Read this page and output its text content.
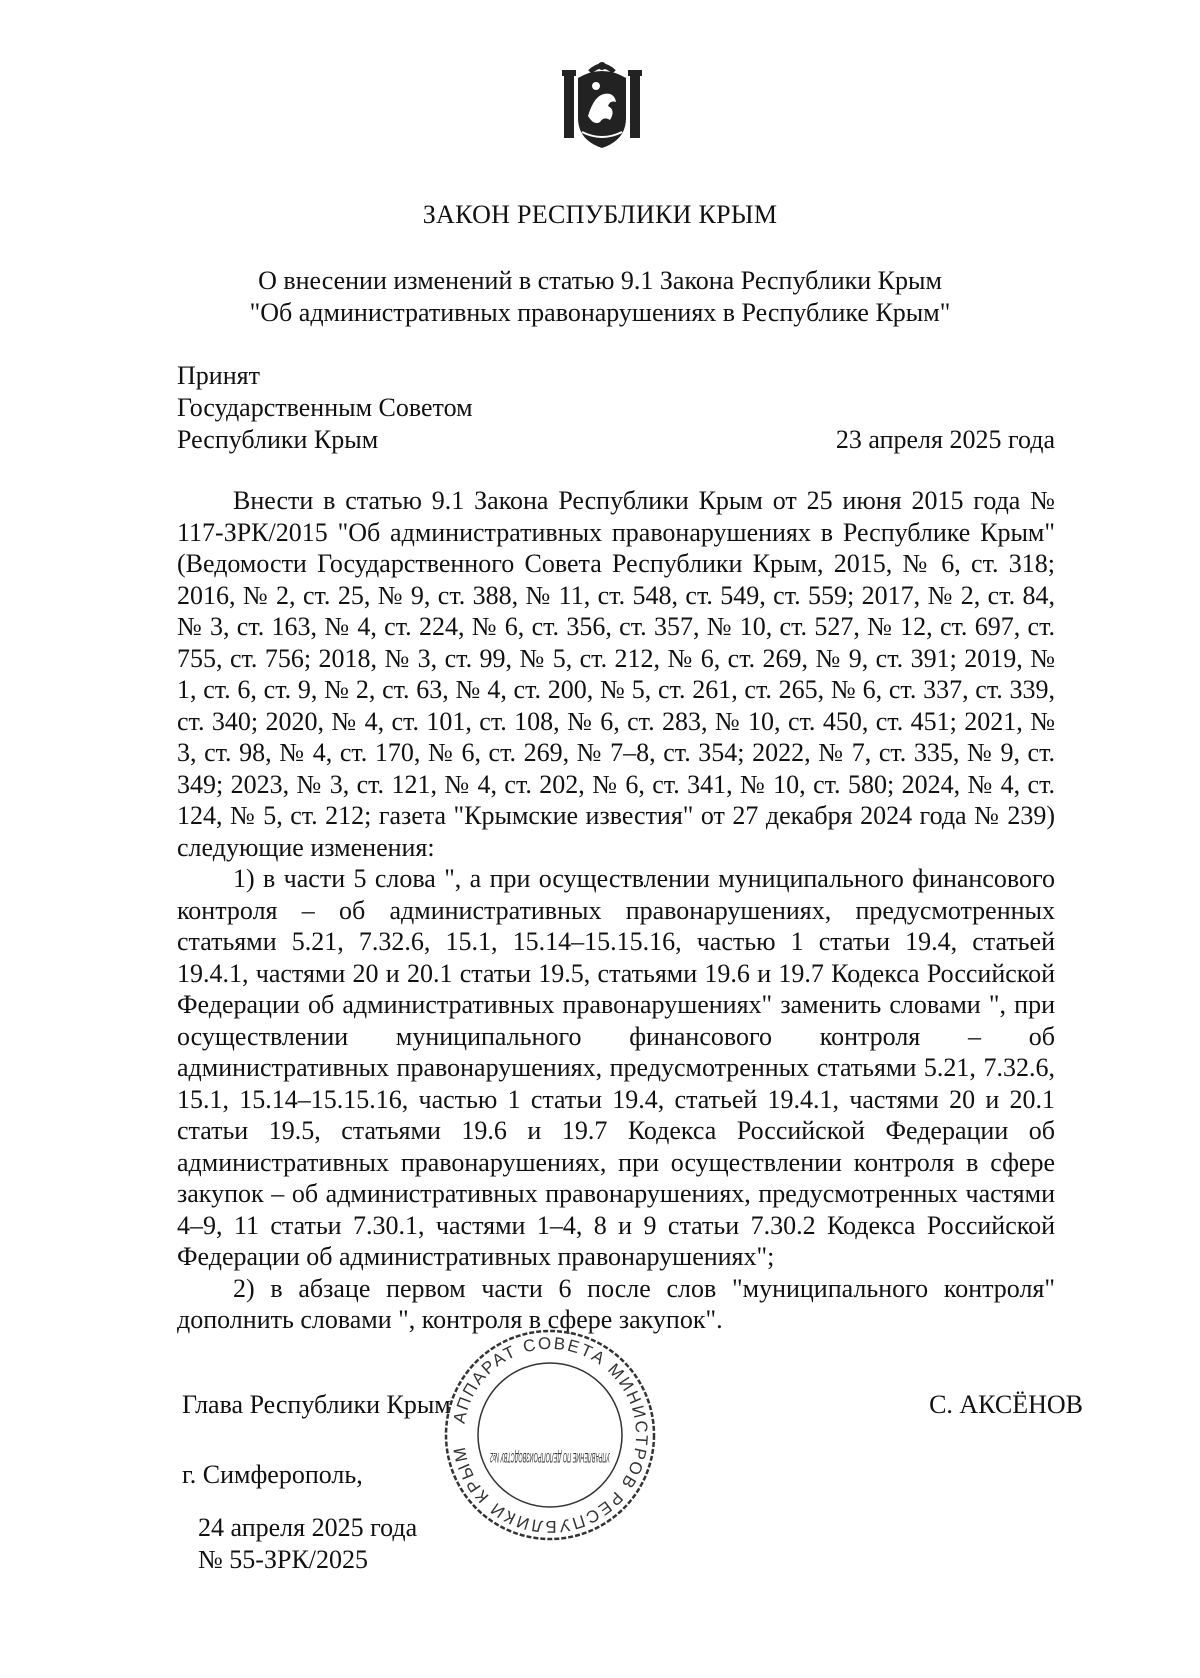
ЗАКОН РЕСПУБЛИКИ КРЫМ
О внесении изменений в статью 9.1 Закона Республики Крым
"Об административных правонарушениях в Республике Крым"
Принят
Государственным Советом
Республики Крым	23 апреля 2025 года

Внести в статью 9.1 Закона Республики Крым от 25 июня 2015 года № 117-ЗРК/2015 "Об административных правонарушениях в Республике Крым" (Ведомости Государственного Совета Республики Крым, 2015, № 6, ст. 318; 2016, № 2, ст. 25, № 9, ст. 388, № 11, ст. 548, ст. 549, ст. 559; 2017, № 2, ст. 84, № 3, ст. 163, № 4, ст. 224, № 6, ст. 356, ст. 357, № 10, ст. 527, № 12, ст. 697, ст. 755, ст. 756; 2018, № 3, ст. 99, № 5, ст. 212, № 6, ст. 269, № 9, ст. 391; 2019, № 1, ст. 6, ст. 9, № 2, ст. 63, № 4, ст. 200, № 5, ст. 261, ст. 265, № 6, ст. 337, ст. 339, ст. 340; 2020, № 4, ст. 101, ст. 108, № 6, ст. 283, № 10, ст. 450, ст. 451; 2021, № 3, ст. 98, № 4, ст. 170, № 6, ст. 269, № 7–8, ст. 354; 2022, № 7, ст. 335, № 9, ст. 349; 2023, № 3, ст. 121, № 4, ст. 202, № 6, ст. 341, № 10, ст. 580; 2024, № 4, ст. 124, № 5, ст. 212; газета "Крымские известия" от 27 декабря 2024 года № 239) следующие изменения:

1) в части 5 слова ", а при осуществлении муниципального финансового контроля – об административных правонарушениях, предусмотренных статьями 5.21, 7.32.6, 15.1, 15.14–15.15.16, частью 1 статьи 19.4, статьей 19.4.1, частями 20 и 20.1 статьи 19.5, статьями 19.6 и 19.7 Кодекса Российской Федерации об административных правонарушениях" заменить словами ", при осуществлении муниципального финансового контроля – об административных правонарушениях, предусмотренных статьями 5.21, 7.32.6, 15.1, 15.14–15.15.16, частью 1 статьи 19.4, статьей 19.4.1, частями 20 и 20.1 статьи 19.5, статьями 19.6 и 19.7 Кодекса Российской Федерации об административных правонарушениях, при осуществлении контроля в сфере закупок – об административных правонарушениях, предусмотренных частями 4–9, 11 статьи 7.30.1, частями 1–4, 8 и 9 статьи 7.30.2 Кодекса Российской Федерации об административных правонарушениях";

2) в абзаце первом части 6 после слов "муниципального контроля" дополнить словами ", контроля в сфере закупок".

Глава Республики Крым	С. АКСЁНОВ
г. Симферополь,
24 апреля 2025 года
№ 55-ЗРК/2025
АППАРАТ СОВЕТА МИНИСТРОВ РЕСПУБЛИКИ КРЫМ	УПРАВЛЕНИЕ ПО ДЕЛОПРОИЗВОДСТВУ №2
